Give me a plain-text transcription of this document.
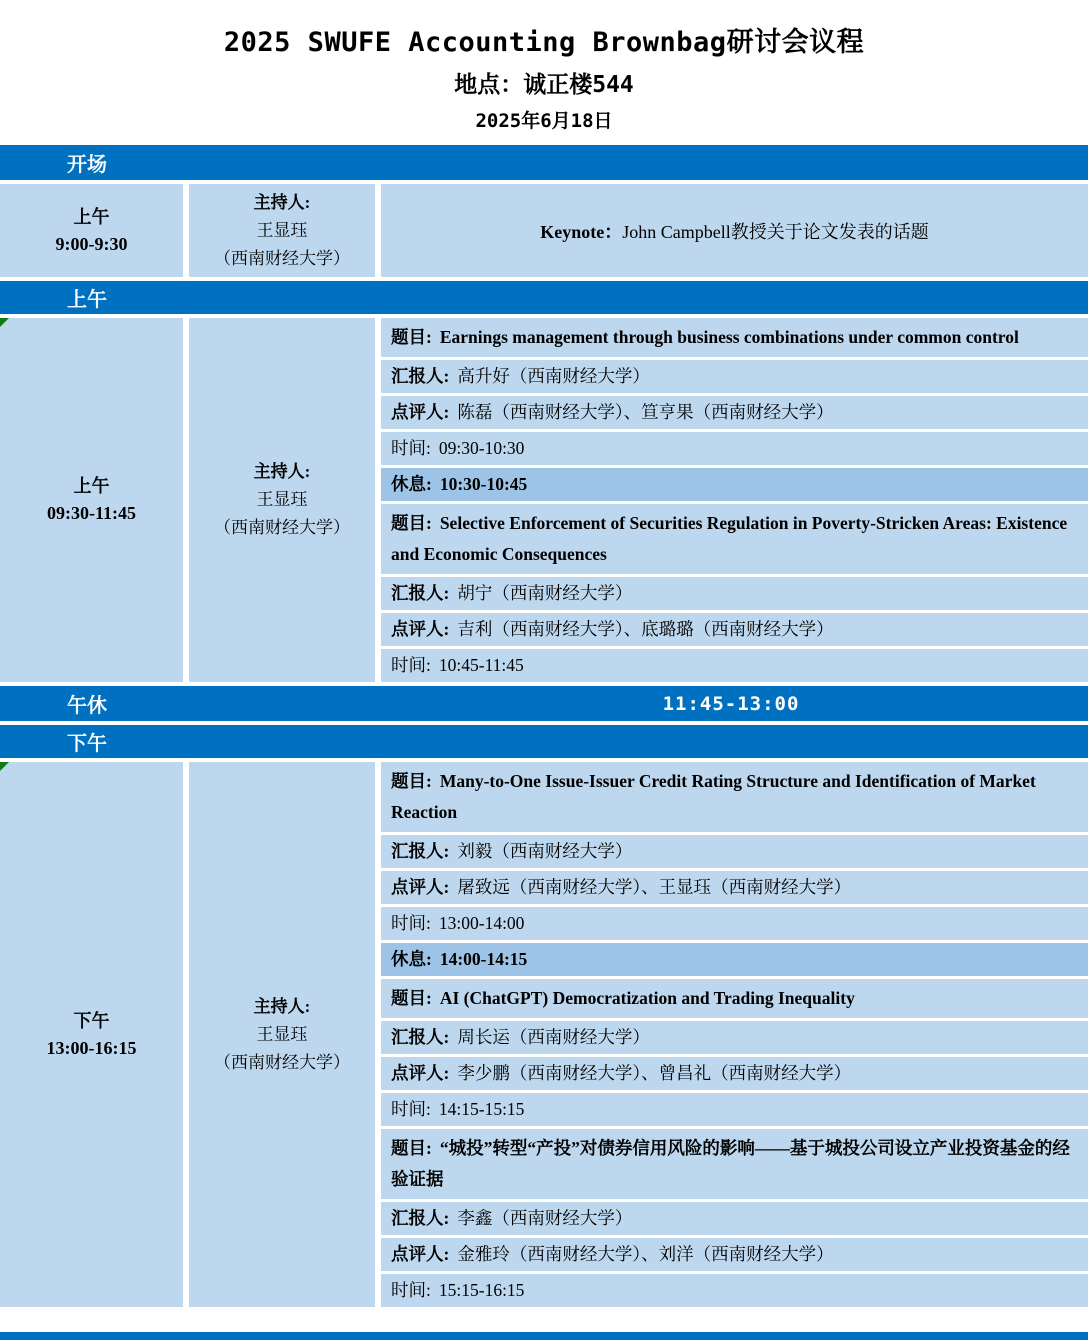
2025 SWUFE Accounting Brownbag研讨会议程
地点：诚正楼544
2025年6月18日
开场
上午
9:00-9:30
主持人:
王显珏
（西南财经大学）
Keynote： John Campbell教授关于论文发表的话题
上午
上午
09:30-11:45
主持人:
王显珏
（西南财经大学）
题目: Earnings management through business combinations under common control
汇报人: 高升好（西南财经大学）
点评人: 陈磊（西南财经大学）、笪亨果（西南财经大学）
时间: 09:30-10:30
休息: 10:30-10:45
题目: Selective Enforcement of Securities Regulation in Poverty-Stricken Areas: Existence and Economic Consequences
汇报人: 胡宁（西南财经大学）
点评人: 吉利（西南财经大学）、底璐璐（西南财经大学）
时间: 10:45-11:45
午休	11:45-13:00
下午
下午
13:00-16:15
主持人:
王显珏
（西南财经大学）
题目: Many-to-One Issue-Issuer Credit Rating Structure and Identification of Market Reaction
汇报人: 刘毅（西南财经大学）
点评人: 屠致远（西南财经大学）、王显珏（西南财经大学）
时间: 13:00-14:00
休息: 14:00-14:15
题目: AI (ChatGPT) Democratization and Trading Inequality
汇报人: 周长运（西南财经大学）
点评人: 李少鹏（西南财经大学）、曾昌礼（西南财经大学）
时间: 14:15-15:15
题目: “城投”转型“产投”对债券信用风险的影响——基于城投公司设立产业投资基金的经验证据
汇报人: 李鑫（西南财经大学）
点评人: 金雅玲（西南财经大学）、刘洋（西南财经大学）
时间: 15:15-16:15
